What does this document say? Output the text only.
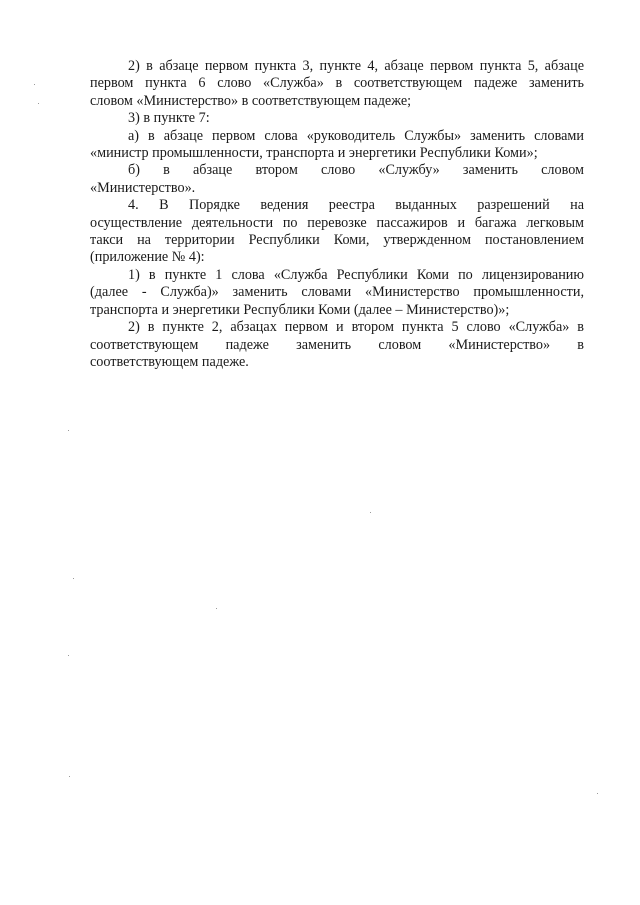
2) в абзаце первом пункта 3, пункте 4, абзаце первом пункта 5, абзаце
первом пункта 6 слово «Служба» в соответствующем падеже заменить
словом «Министерство» в соответствующем падеже;
3) в пункте 7:
а) в абзаце первом слова «руководитель Службы» заменить словами
«министр промышленности, транспорта и энергетики Республики Коми»;
б) в абзаце втором слово «Службу» заменить словом
«Министерство».
4. В Порядке ведения реестра выданных разрешений на
осуществление деятельности по перевозке пассажиров и багажа легковым
такси на территории Республики Коми, утвержденном постановлением
(приложение № 4):
1) в пункте 1 слова «Служба Республики Коми по лицензированию
(далее - Служба)» заменить словами «Министерство промышленности,
транспорта и энергетики Республики Коми (далее – Министерство)»;
2) в пункте 2, абзацах первом и втором пункта 5 слово «Служба» в
соответствующем падеже заменить словом «Министерство» в
соответствующем падеже.
